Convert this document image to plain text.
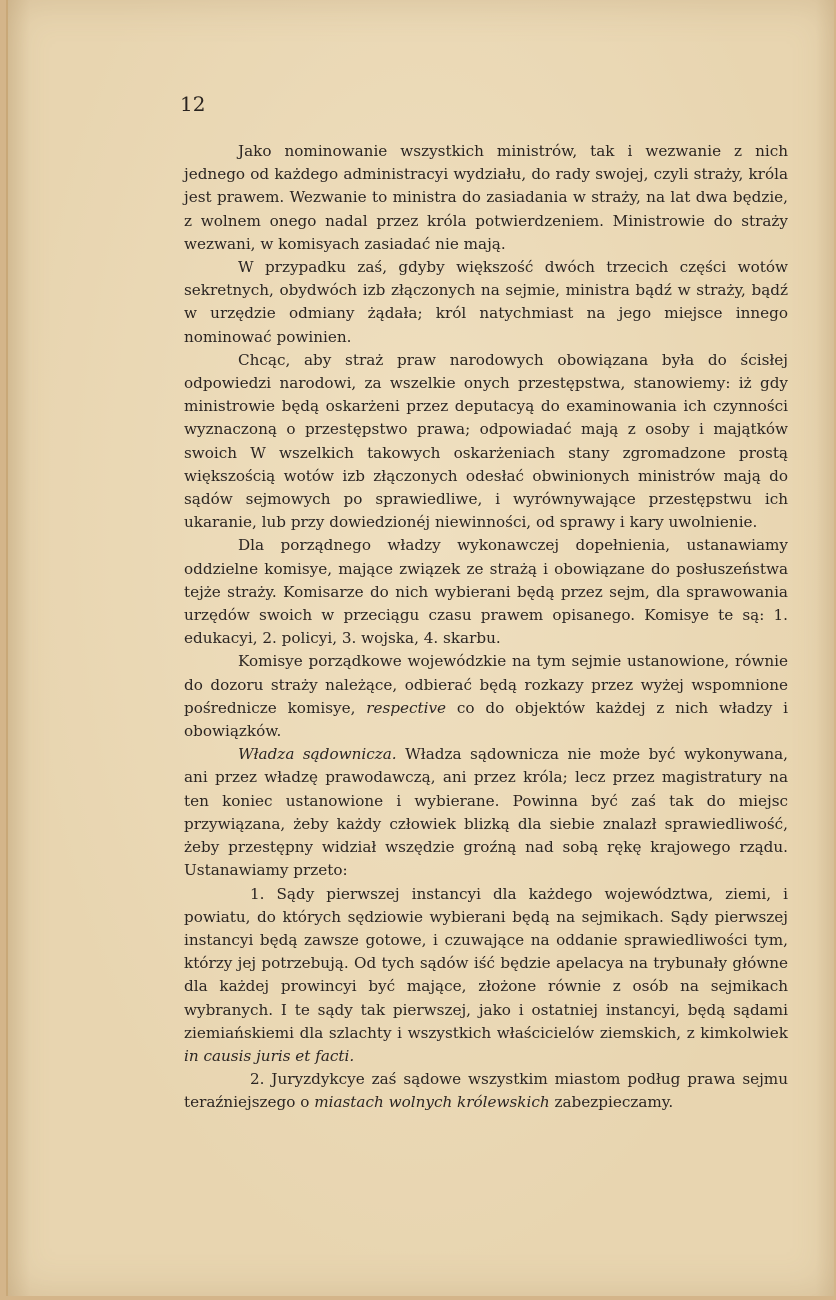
12

Jako nominowanie wszystkich ministrów, tak i wezwanie z nich jednego od każdego administracyi wydziału, do rady swojej, czyli straży, króla jest prawem. Wezwanie to ministra do zasiadania w straży, na lat dwa będzie, z wolnem onego nadal przez króla potwierdzeniem. Ministrowie do straży wezwani, w komisyach zasiadać nie mają.

W przypadku zaś, gdyby większość dwóch trzecich części wotów sekretnych, obydwóch izb złączonych na sejmie, ministra bądź w straży, bądź w urzędzie odmiany żądała; król natychmiast na jego miejsce innego nominować powinien.

Chcąc, aby straż praw narodowych obowiązana była do ścisłej odpowiedzi narodowi, za wszelkie onych przestępstwa, stanowiemy: iż gdy ministrowie będą oskarżeni przez deputacyą do examinowania ich czynności wyznaczoną o przestępstwo prawa; odpowiadać mają z osoby i majątków swoich W wszelkich takowych oskarżeniach stany zgromadzone prostą większością wotów izb złączonych odesłać obwinionych ministrów mają do sądów sejmowych po sprawiedliwe, i wyrównywające przestępstwu ich ukaranie, lub przy dowiedzionéj niewinności, od sprawy i kary uwolnienie.

Dla porządnego władzy wykonawczej dopełnienia, ustanawiamy oddzielne komisye, mające związek ze strażą i obowiązane do posłuszeństwa tejże straży. Komisarze do nich wybierani będą przez sejm, dla sprawowania urzędów swoich w przeciągu czasu prawem opisanego. Komisye te są: 1. edukacyi, 2. policyi, 3. wojska, 4. skarbu.

Komisye porządkowe wojewódzkie na tym sejmie ustanowione, równie do dozoru straży należące, odbierać będą rozkazy przez wyżej wspomnione pośrednicze komisye, respective co do objektów każdej z nich władzy i obowiązków.

Władza sądownicza. Władza sądownicza nie może być wykonywana, ani przez władzę prawodawczą, ani przez króla; lecz przez magistratury na ten koniec ustanowione i wybierane. Powinna być zaś tak do miejsc przywiązana, żeby każdy człowiek blizką dla siebie znalazł sprawiedliwość, żeby przestępny widział wszędzie groźną nad sobą rękę krajowego rządu. Ustanawiamy przeto:

1. Sądy pierwszej instancyi dla każdego województwa, ziemi, i powiatu, do których sędziowie wybierani będą na sejmikach. Sądy pierwszej instancyi będą zawsze gotowe, i czuwające na oddanie sprawiedliwości tym, którzy jej potrzebują. Od tych sądów iść będzie apelacya na trybunały główne dla każdej prowincyi być mające, złożone równie z osób na sejmikach wybranych. I te sądy tak pierwszej, jako i ostatniej instancyi, będą sądami ziemiańskiemi dla szlachty i wszystkich właścicielów ziemskich, z kimkolwiek in causis juris et facti.

2. Juryzdykcye zaś sądowe wszystkim miastom podług prawa sejmu teraźniejszego o miastach wolnych królewskich zabezpieczamy.
